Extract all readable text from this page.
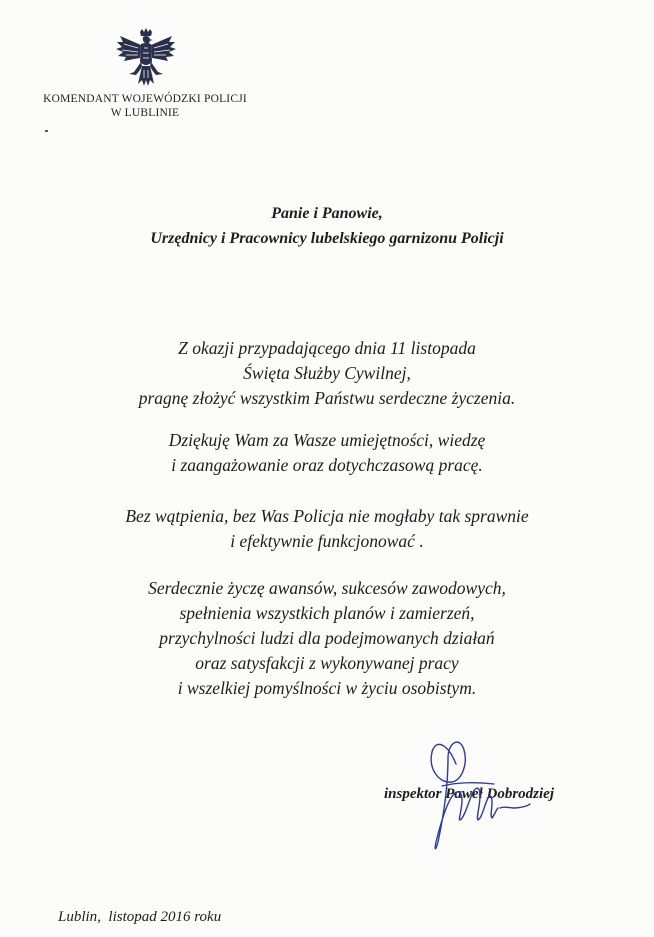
KOMENDANT WOJEWÓDZKI POLICJI
W LUBLINIE
Panie i Panowie,
Urzędnicy i Pracownicy lubelskiego garnizonu Policji
Z okazji przypadającego dnia 11 listopada
Święta Służby Cywilnej,
pragnę złożyć wszystkim Państwu serdeczne życzenia.
Dziękuję Wam za Wasze umiejętności, wiedzę
i zaangażowanie oraz dotychczasową pracę.
Bez wątpienia, bez Was Policja nie mogłaby tak sprawnie
i efektywnie funkcjonować .
Serdecznie życzę awansów, sukcesów zawodowych,
spełnienia wszystkich planów i zamierzeń,
przychylności ludzi dla podejmowanych działań
oraz satysfakcji z wykonywanej pracy
i wszelkiej pomyślności w życiu osobistym.
inspektor Paweł Dobrodziej
Lublin,  listopad 2016 roku
